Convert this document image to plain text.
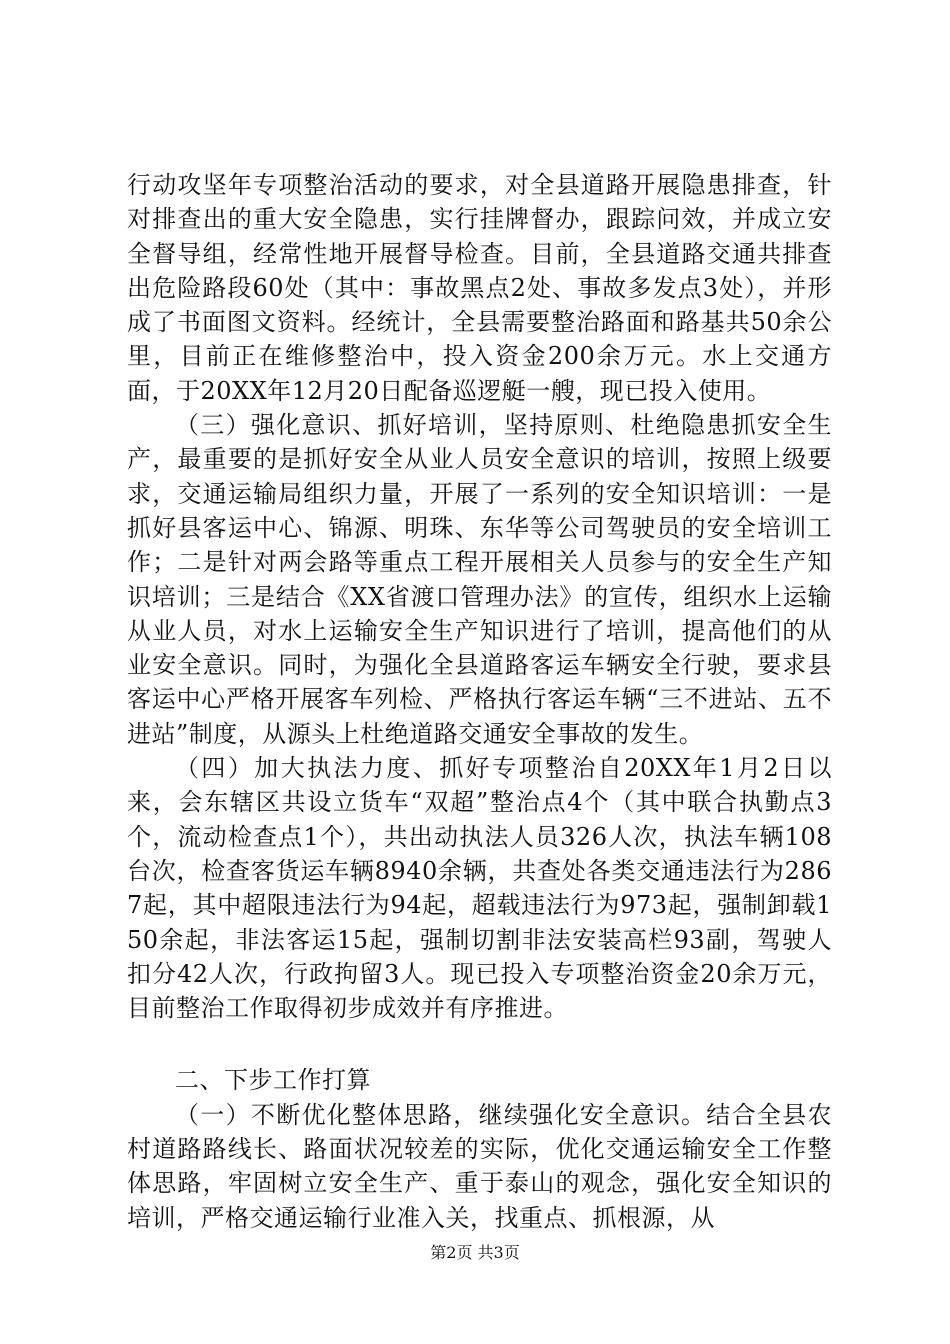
行动攻坚年专项整治活动的要求，对全县道路开展隐患排查，针对排查出的重大安全隐患，实行挂牌督办，跟踪问效，并成立安全督导组，经常性地开展督导检查。目前，全县道路交通共排查出危险路段60处（其中：事故黑点2处、事故多发点3处），并形成了书面图文资料。经统计，全县需要整治路面和路基共50余公里，目前正在维修整治中，投入资金200余万元。水上交通方面，于20XX年12月20日配备巡逻艇一艘，现已投入使用。

（三）强化意识、抓好培训，坚持原则、杜绝隐患抓安全生产，最重要的是抓好安全从业人员安全意识的培训，按照上级要求，交通运输局组织力量，开展了一系列的安全知识培训：一是抓好县客运中心、锦源、明珠、东华等公司驾驶员的安全培训工作；二是针对两会路等重点工程开展相关人员参与的安全生产知识培训；三是结合《XX省渡口管理办法》的宣传，组织水上运输从业人员，对水上运输安全生产知识进行了培训，提高他们的从业安全意识。同时，为强化全县道路客运车辆安全行驶，要求县客运中心严格开展客车列检、严格执行客运车辆“三不进站、五不进站”制度，从源头上杜绝道路交通安全事故的发生。

（四）加大执法力度、抓好专项整治自20XX年1月2日以来，会东辖区共设立货车“双超”整治点4个（其中联合执勤点3个，流动检查点1个），共出动执法人员326人次，执法车辆108台次，检查客货运车辆8940余辆，共查处各类交通违法行为2867起，其中超限违法行为94起，超载违法行为973起，强制卸载150余起，非法客运15起，强制切割非法安装高栏93副，驾驶人扣分42人次，行政拘留3人。现已投入专项整治资金20余万元，目前整治工作取得初步成效并有序推进。

二、下步工作打算

（一）不断优化整体思路，继续强化安全意识。结合全县农村道路路线长、路面状况较差的实际，优化交通运输安全工作整体思路，牢固树立安全生产、重于泰山的观念，强化安全知识的培训，严格交通运输行业准入关，找重点、抓根源，从

第2页 共3页
